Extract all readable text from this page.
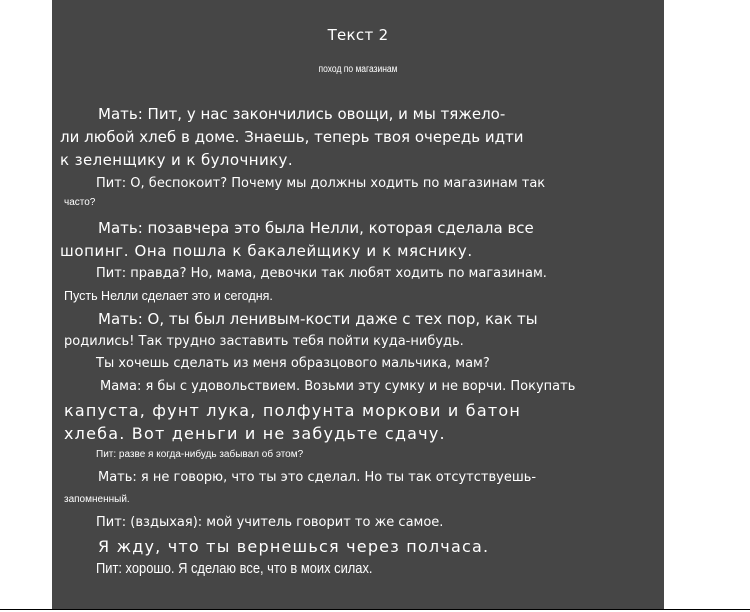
Текст 2
поход по магазинам
Мать: Пит, у нас закончились овощи, и мы тяжело-
ли любой хлеб в доме. Знаешь, теперь твоя очередь идти
к зеленщику и к булочнику.
Пит: О, беспокоит? Почему мы должны ходить по магазинам так
часто?
Мать: позавчера это была Нелли, которая сделала все
шопинг. Она пошла к бакалейщику и к мяснику.
Пит: правда? Но, мама, девочки так любят ходить по магазинам.
Пусть Нелли сделает это и сегодня.
Мать: О, ты был ленивым-кости даже с тех пор, как ты
родились! Так трудно заставить тебя пойти куда-нибудь.
Ты хочешь сделать из меня образцового мальчика, мам?
Мама: я бы с удовольствием. Возьми эту сумку и не ворчи. Покупать
капуста, фунт лука, полфунта моркови и батон
хлеба. Вот деньги и не забудьте сдачу.
Пит: разве я когда-нибудь забывал об этом?
Мать: я не говорю, что ты это сделал. Но ты так отсутствуешь-
запомненный.
Пит: (вздыхая): мой учитель говорит то же самое.
Я жду, что ты вернешься через полчаса.
Пит: хорошо. Я сделаю все, что в моих силах.
